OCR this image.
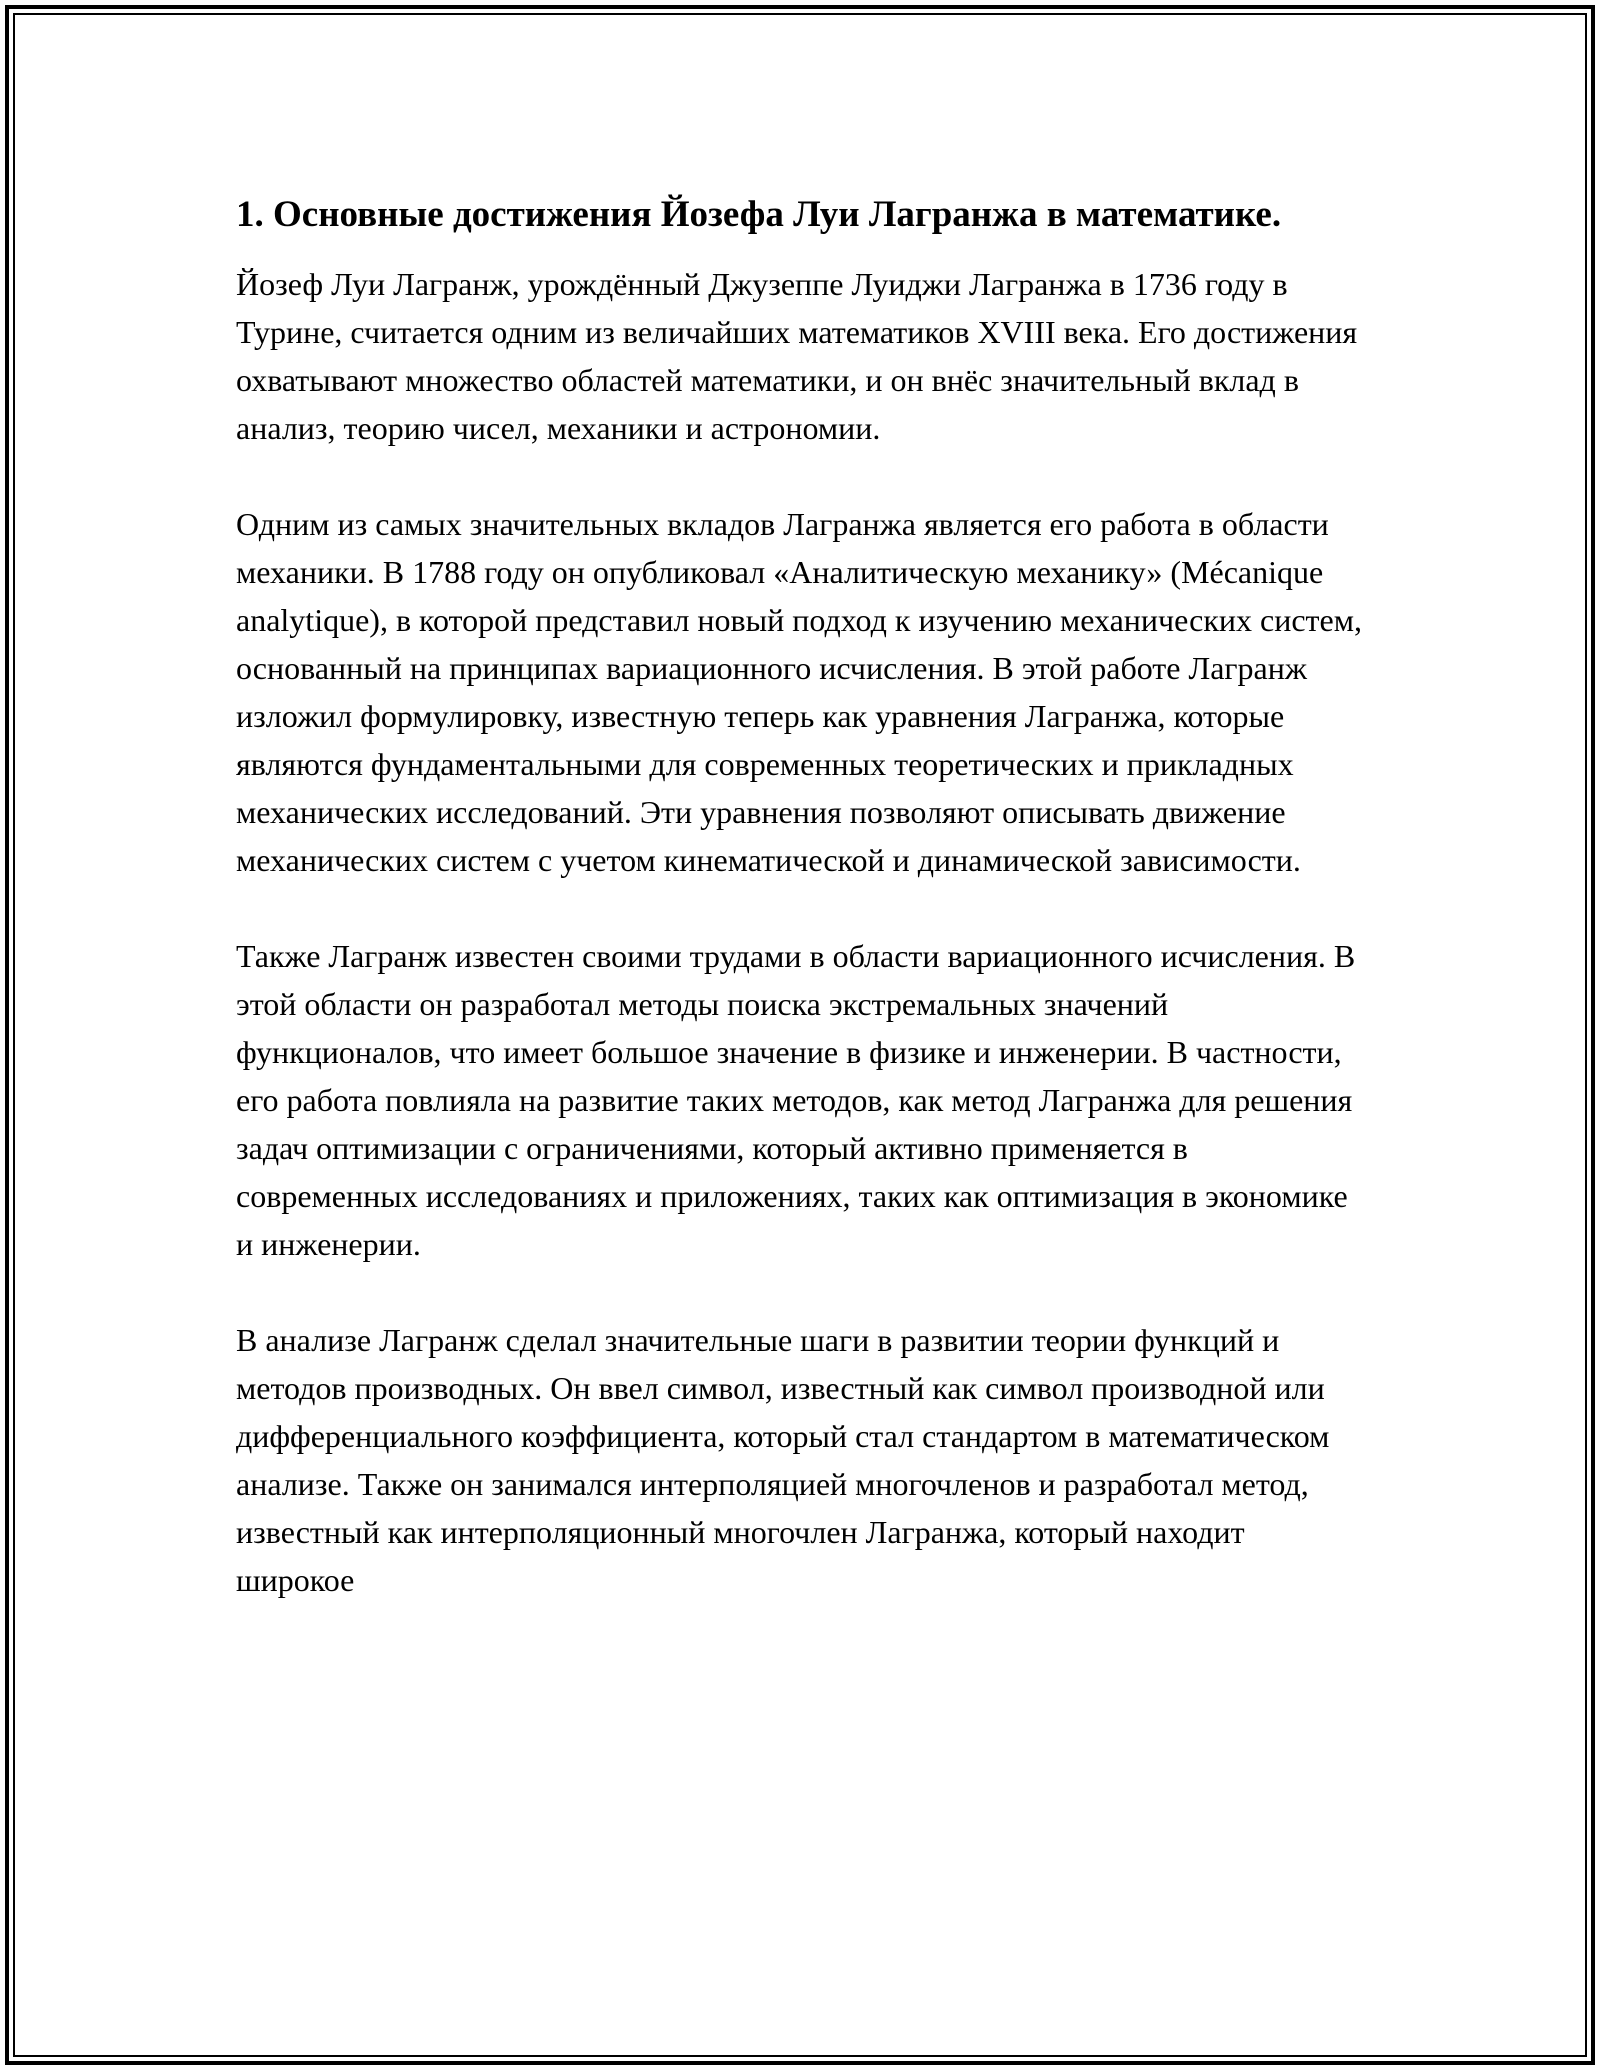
1. Основные достижения Йозефа Луи Лагранжа в математике.

Йозеф Луи Лагранж, урождённый Джузеппе Луиджи Лагранжа в 1736 году в Турине, считается одним из величайших математиков XVIII века. Его достижения охватывают множество областей математики, и он внёс значительный вклад в анализ, теорию чисел, механики и астрономии.

Одним из самых значительных вкладов Лагранжа является его работа в области механики. В 1788 году он опубликовал «Аналитическую механику» (Mécanique analytique), в которой представил новый подход к изучению механических систем, основанный на принципах вариационного исчисления. В этой работе Лагранж изложил формулировку, известную теперь как уравнения Лагранжа, которые являются фундаментальными для современных теоретических и прикладных механических исследований. Эти уравнения позволяют описывать движение механических систем с учетом кинематической и динамической зависимости.

Также Лагранж известен своими трудами в области вариационного исчисления. В этой области он разработал методы поиска экстремальных значений функционалов, что имеет большое значение в физике и инженерии. В частности, его работа повлияла на развитие таких методов, как метод Лагранжа для решения задач оптимизации с ограничениями, который активно применяется в современных исследованиях и приложениях, таких как оптимизация в экономике и инженерии.

В анализе Лагранж сделал значительные шаги в развитии теории функций и методов производных. Он ввел символ, известный как символ производной или дифференциального коэффициента, который стал стандартом в математическом анализе. Также он занимался интерполяцией многочленов и разработал метод, известный как интерполяционный многочлен Лагранжа, который находит широкое
